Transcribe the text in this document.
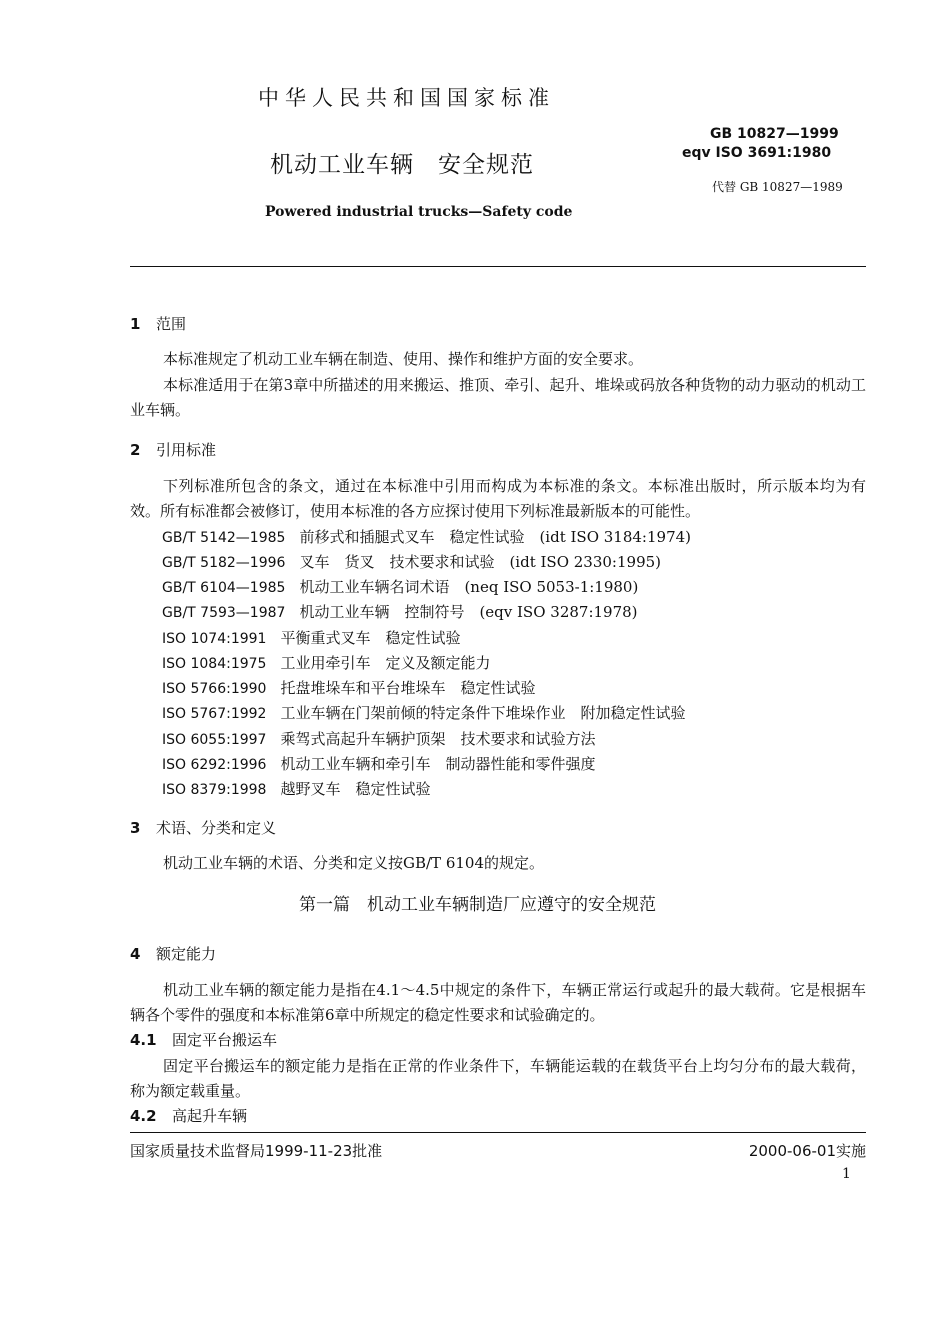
中华人民共和国国家标准
机动工业车辆　安全规范
Powered industrial trucks—Safety code
GB 10827—1999
eqv ISO 3691:1980
代替 GB 10827—1989
1 范围
本标准规定了机动工业车辆在制造、使用、操作和维护方面的安全要求。
本标准适用于在第3章中所描述的用来搬运、推顶、牵引、起升、堆垛或码放各种货物的动力驱动的机动工业车辆。
2 引用标准
下列标准所包含的条文，通过在本标准中引用而构成为本标准的条文。本标准出版时，所示版本均为有效。所有标准都会被修订，使用本标准的各方应探讨使用下列标准最新版本的可能性。
GB/T 5142—1985 前移式和插腿式叉车　稳定性试验　(idt ISO 3184:1974)
GB/T 5182—1996 叉车　货叉　技术要求和试验　(idt ISO 2330:1995)
GB/T 6104—1985 机动工业车辆名词术语　(neq ISO 5053-1:1980)
GB/T 7593—1987 机动工业车辆　控制符号　(eqv ISO 3287:1978)
ISO 1074:1991 平衡重式叉车　稳定性试验
ISO 1084:1975 工业用牵引车　定义及额定能力
ISO 5766:1990 托盘堆垛车和平台堆垛车　稳定性试验
ISO 5767:1992 工业车辆在门架前倾的特定条件下堆垛作业　附加稳定性试验
ISO 6055:1997 乘驾式高起升车辆护顶架　技术要求和试验方法
ISO 6292:1996 机动工业车辆和牵引车　制动器性能和零件强度
ISO 8379:1998 越野叉车　稳定性试验
3 术语、分类和定义
机动工业车辆的术语、分类和定义按GB/T 6104的规定。
第一篇　机动工业车辆制造厂应遵守的安全规范
4 额定能力
机动工业车辆的额定能力是指在4.1～4.5中规定的条件下，车辆正常运行或起升的最大载荷。它是根据车辆各个零件的强度和本标准第6章中所规定的稳定性要求和试验确定的。
4.1 固定平台搬运车
固定平台搬运车的额定能力是指在正常的作业条件下，车辆能运载的在载货平台上均匀分布的最大载荷，称为额定载重量。
4.2 高起升车辆
国家质量技术监督局1999-11-23批准	2000-06-01实施
1
